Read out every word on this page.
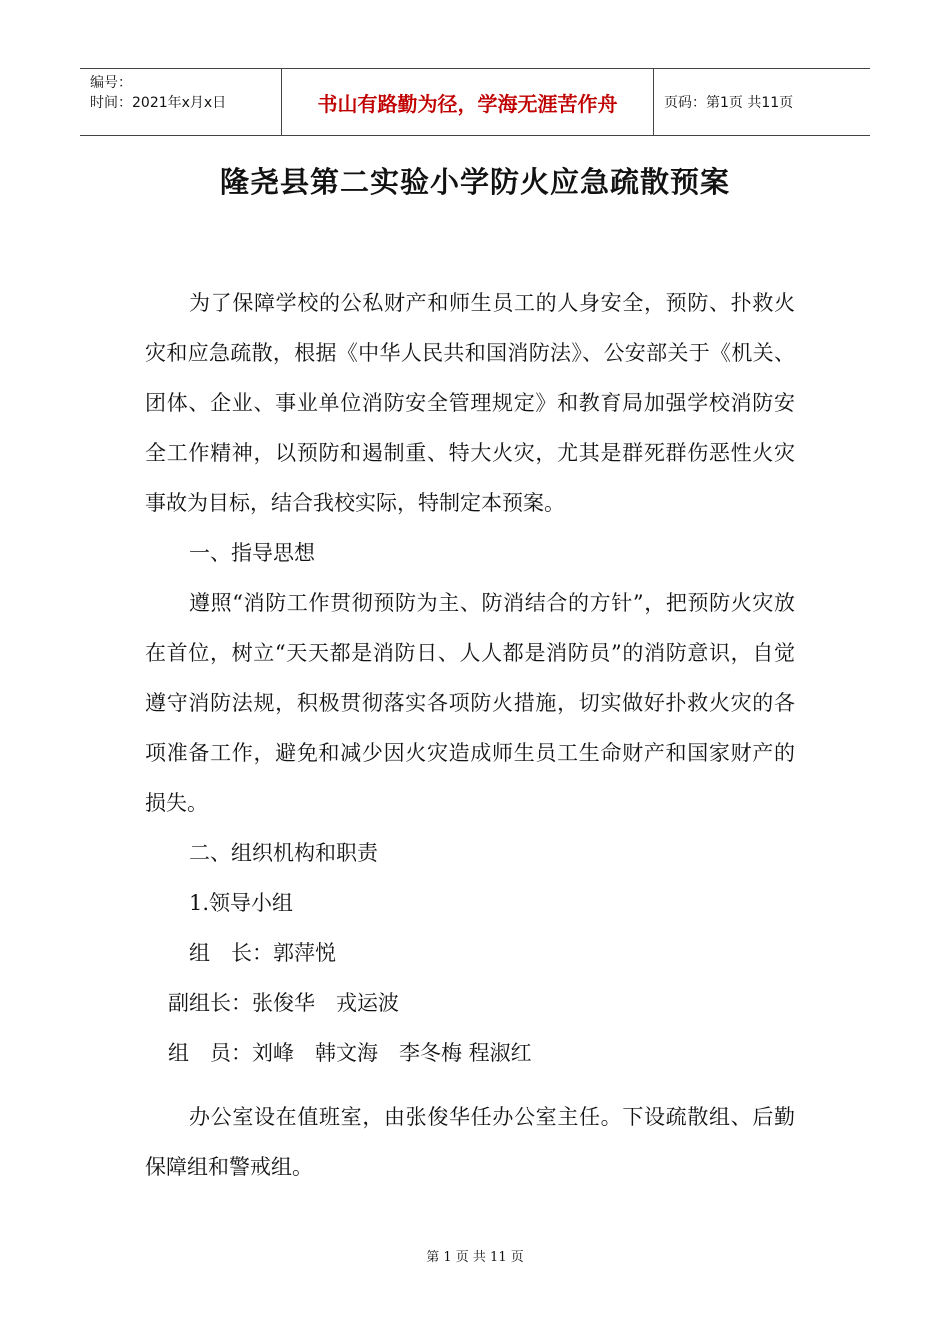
编号：
时间：2021年x月x日	书山有路勤为径，学海无涯苦作舟	页码：第1页 共11页
隆尧县第二实验小学防火应急疏散预案

为了保障学校的公私财产和师生员工的人身安全，预防、扑救火灾和应急疏散，根据《中华人民共和国消防法》、公安部关于《机关、团体、企业、事业单位消防安全管理规定》和教育局加强学校消防安全工作精神，以预防和遏制重、特大火灾，尤其是群死群伤恶性火灾事故为目标，结合我校实际，特制定本预案。

一、指导思想

遵照“消防工作贯彻预防为主、防消结合的方针”，把预防火灾放在首位，树立“天天都是消防日、人人都是消防员”的消防意识，自觉遵守消防法规，积极贯彻落实各项防火措施，切实做好扑救火灾的各项准备工作，避免和减少因火灾造成师生员工生命财产和国家财产的损失。

二、组织机构和职责

1.领导小组

组　长：郭萍悦

副组长：张俊华　戎运波

组　员：刘峰　韩文海　李冬梅 程淑红

办公室设在值班室，由张俊华任办公室主任。下设疏散组、后勤保障组和警戒组。

第 1 页 共 11 页
